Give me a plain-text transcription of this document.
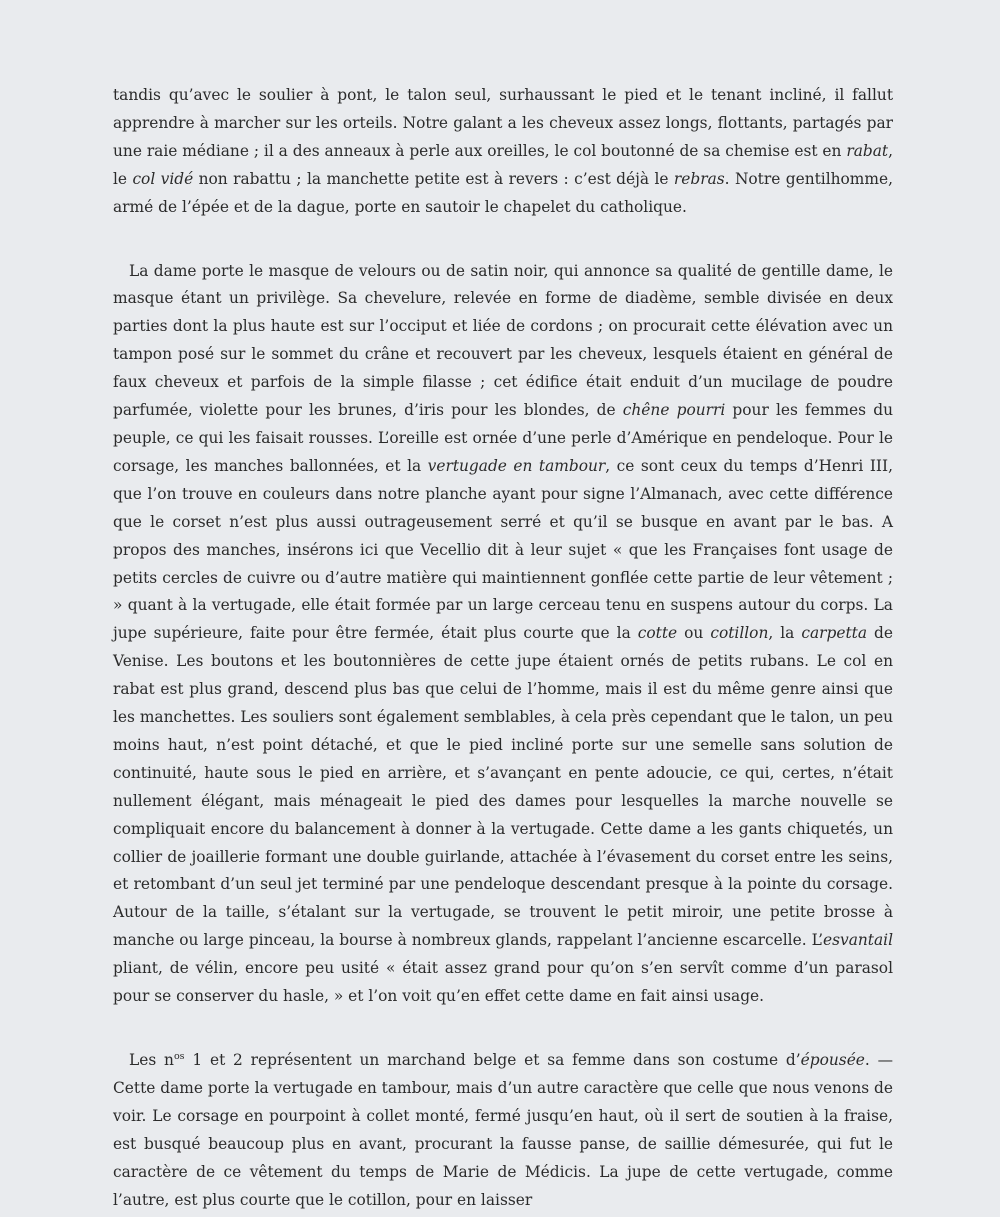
tandis qu’avec le soulier à pont, le talon seul, surhaussant le pied et le tenant incliné, il fallut apprendre à marcher sur les orteils. Notre galant a les cheveux assez longs, flottants, partagés par une raie médiane ; il a des anneaux à perle aux oreilles, le col boutonné de sa chemise est en rabat, le col vidé non rabattu ; la manchette petite est à revers : c’est déjà le rebras. Notre gentilhomme, armé de l’épée et de la dague, porte en sautoir le chapelet du catholique.

La dame porte le masque de velours ou de satin noir, qui annonce sa qualité de gentille dame, le masque étant un privilège. Sa chevelure, relevée en forme de diadème, semble divisée en deux parties dont la plus haute est sur l’occiput et liée de cordons ; on procurait cette élévation avec un tampon posé sur le sommet du crâne et recouvert par les cheveux, lesquels étaient en général de faux cheveux et parfois de la simple filasse ; cet édifice était enduit d’un mucilage de poudre parfumée, violette pour les brunes, d’iris pour les blondes, de chêne pourri pour les femmes du peuple, ce qui les faisait rousses. L’oreille est ornée d’une perle d’Amérique en pendeloque. Pour le corsage, les manches ballonnées, et la vertugade en tambour, ce sont ceux du temps d’Henri III, que l’on trouve en couleurs dans notre planche ayant pour signe l’Almanach, avec cette différence que le corset n’est plus aussi outrageusement serré et qu’il se busque en avant par le bas. A propos des manches, insérons ici que Vecellio dit à leur sujet « que les Françaises font usage de petits cercles de cuivre ou d’autre matière qui maintiennent gonflée cette partie de leur vêtement ; » quant à la vertugade, elle était formée par un large cerceau tenu en suspens autour du corps. La jupe supérieure, faite pour être fermée, était plus courte que la cotte ou cotillon, la carpetta de Venise. Les boutons et les boutonnières de cette jupe étaient ornés de petits rubans. Le col en rabat est plus grand, descend plus bas que celui de l’homme, mais il est du même genre ainsi que les manchettes. Les souliers sont également semblables, à cela près cependant que le talon, un peu moins haut, n’est point détaché, et que le pied incliné porte sur une semelle sans solution de continuité, haute sous le pied en arrière, et s’avançant en pente adoucie, ce qui, certes, n’était nullement élégant, mais ménageait le pied des dames pour lesquelles la marche nouvelle se compliquait encore du balancement à donner à la vertugade. Cette dame a les gants chiquetés, un collier de joaillerie formant une double guirlande, attachée à l’évasement du corset entre les seins, et retombant d’un seul jet terminé par une pendeloque descendant presque à la pointe du corsage. Autour de la taille, s’étalant sur la vertugade, se trouvent le petit miroir, une petite brosse à manche ou large pinceau, la bourse à nombreux glands, rappelant l’ancienne escarcelle. L’esvantail pliant, de vélin, encore peu usité « était assez grand pour qu’on s’en servît comme d’un parasol pour se conserver du hasle, » et l’on voit qu’en effet cette dame en fait ainsi usage.

Les $n^{os}$ 1 et 2 représentent un marchand belge et sa femme dans son costume d’épousée. — Cette dame porte la vertugade en tambour, mais d’un autre caractère que celle que nous venons de voir. Le corsage en pourpoint à collet monté, fermé jusqu’en haut, où il sert de soutien à la fraise, est busqué beaucoup plus en avant, procurant la fausse panse, de saillie démesurée, qui fut le caractère de ce vêtement du temps de Marie de Médicis. La jupe de cette vertugade, comme l’autre, est plus courte que le cotillon, pour en laisser
